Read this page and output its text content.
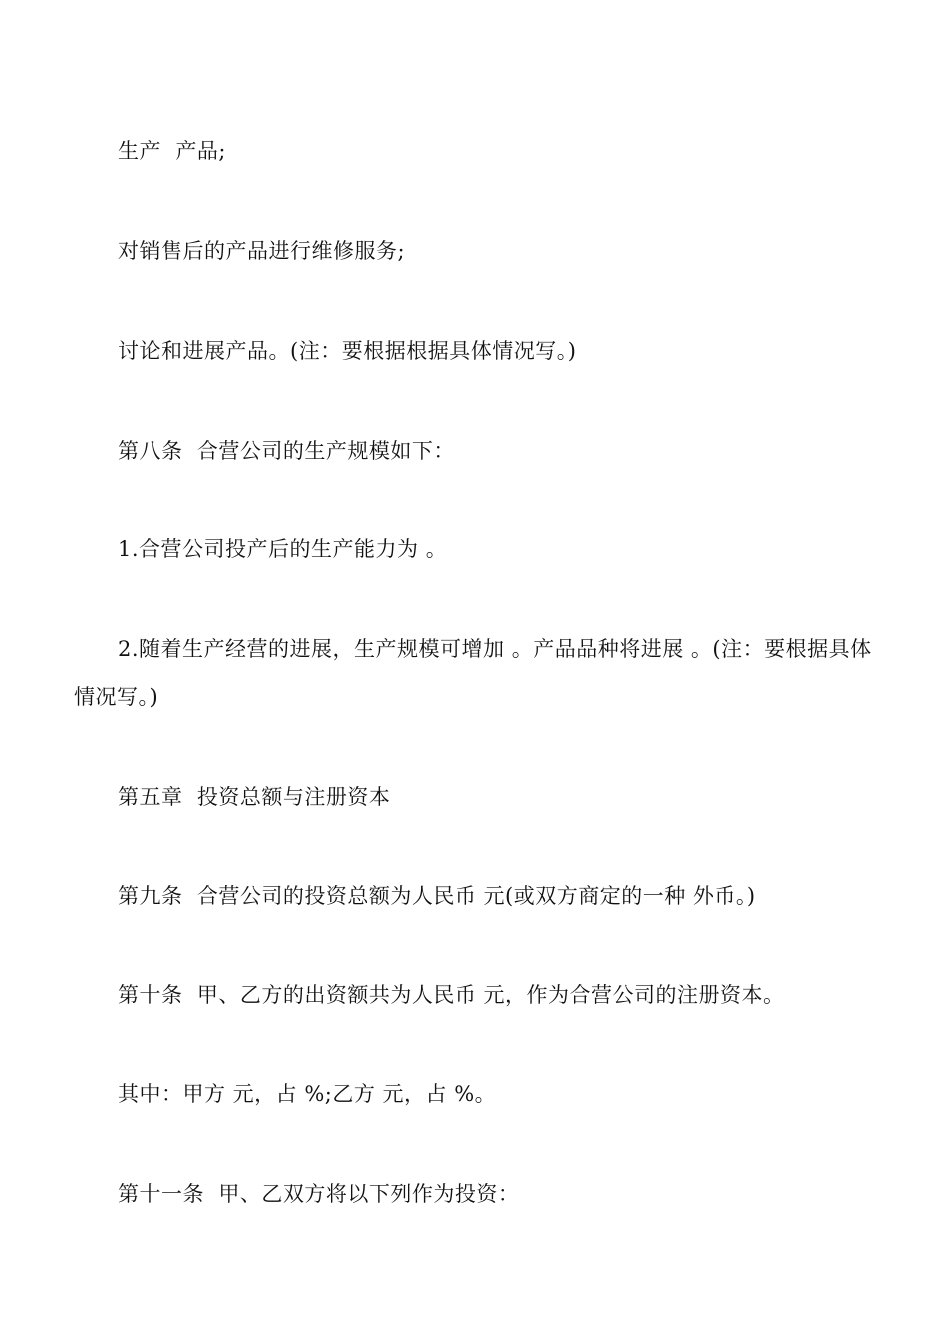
生产  产品;

对销售后的产品进行维修服务;

讨论和进展产品。(注：要根据根据具体情况写。)

第八条  合营公司的生产规模如下：

1.合营公司投产后的生产能力为 。

2.随着生产经营的进展，生产规模可增加 。产品品种将进展 。(注：要根据具体情况写。)

第五章  投资总额与注册资本

第九条  合营公司的投资总额为人民币 元(或双方商定的一种 外币。)

第十条  甲、乙方的出资额共为人民币 元，作为合营公司的注册资本。

其中：甲方 元，占 %;乙方 元，占 %。

第十一条  甲、乙双方将以下列作为投资：
